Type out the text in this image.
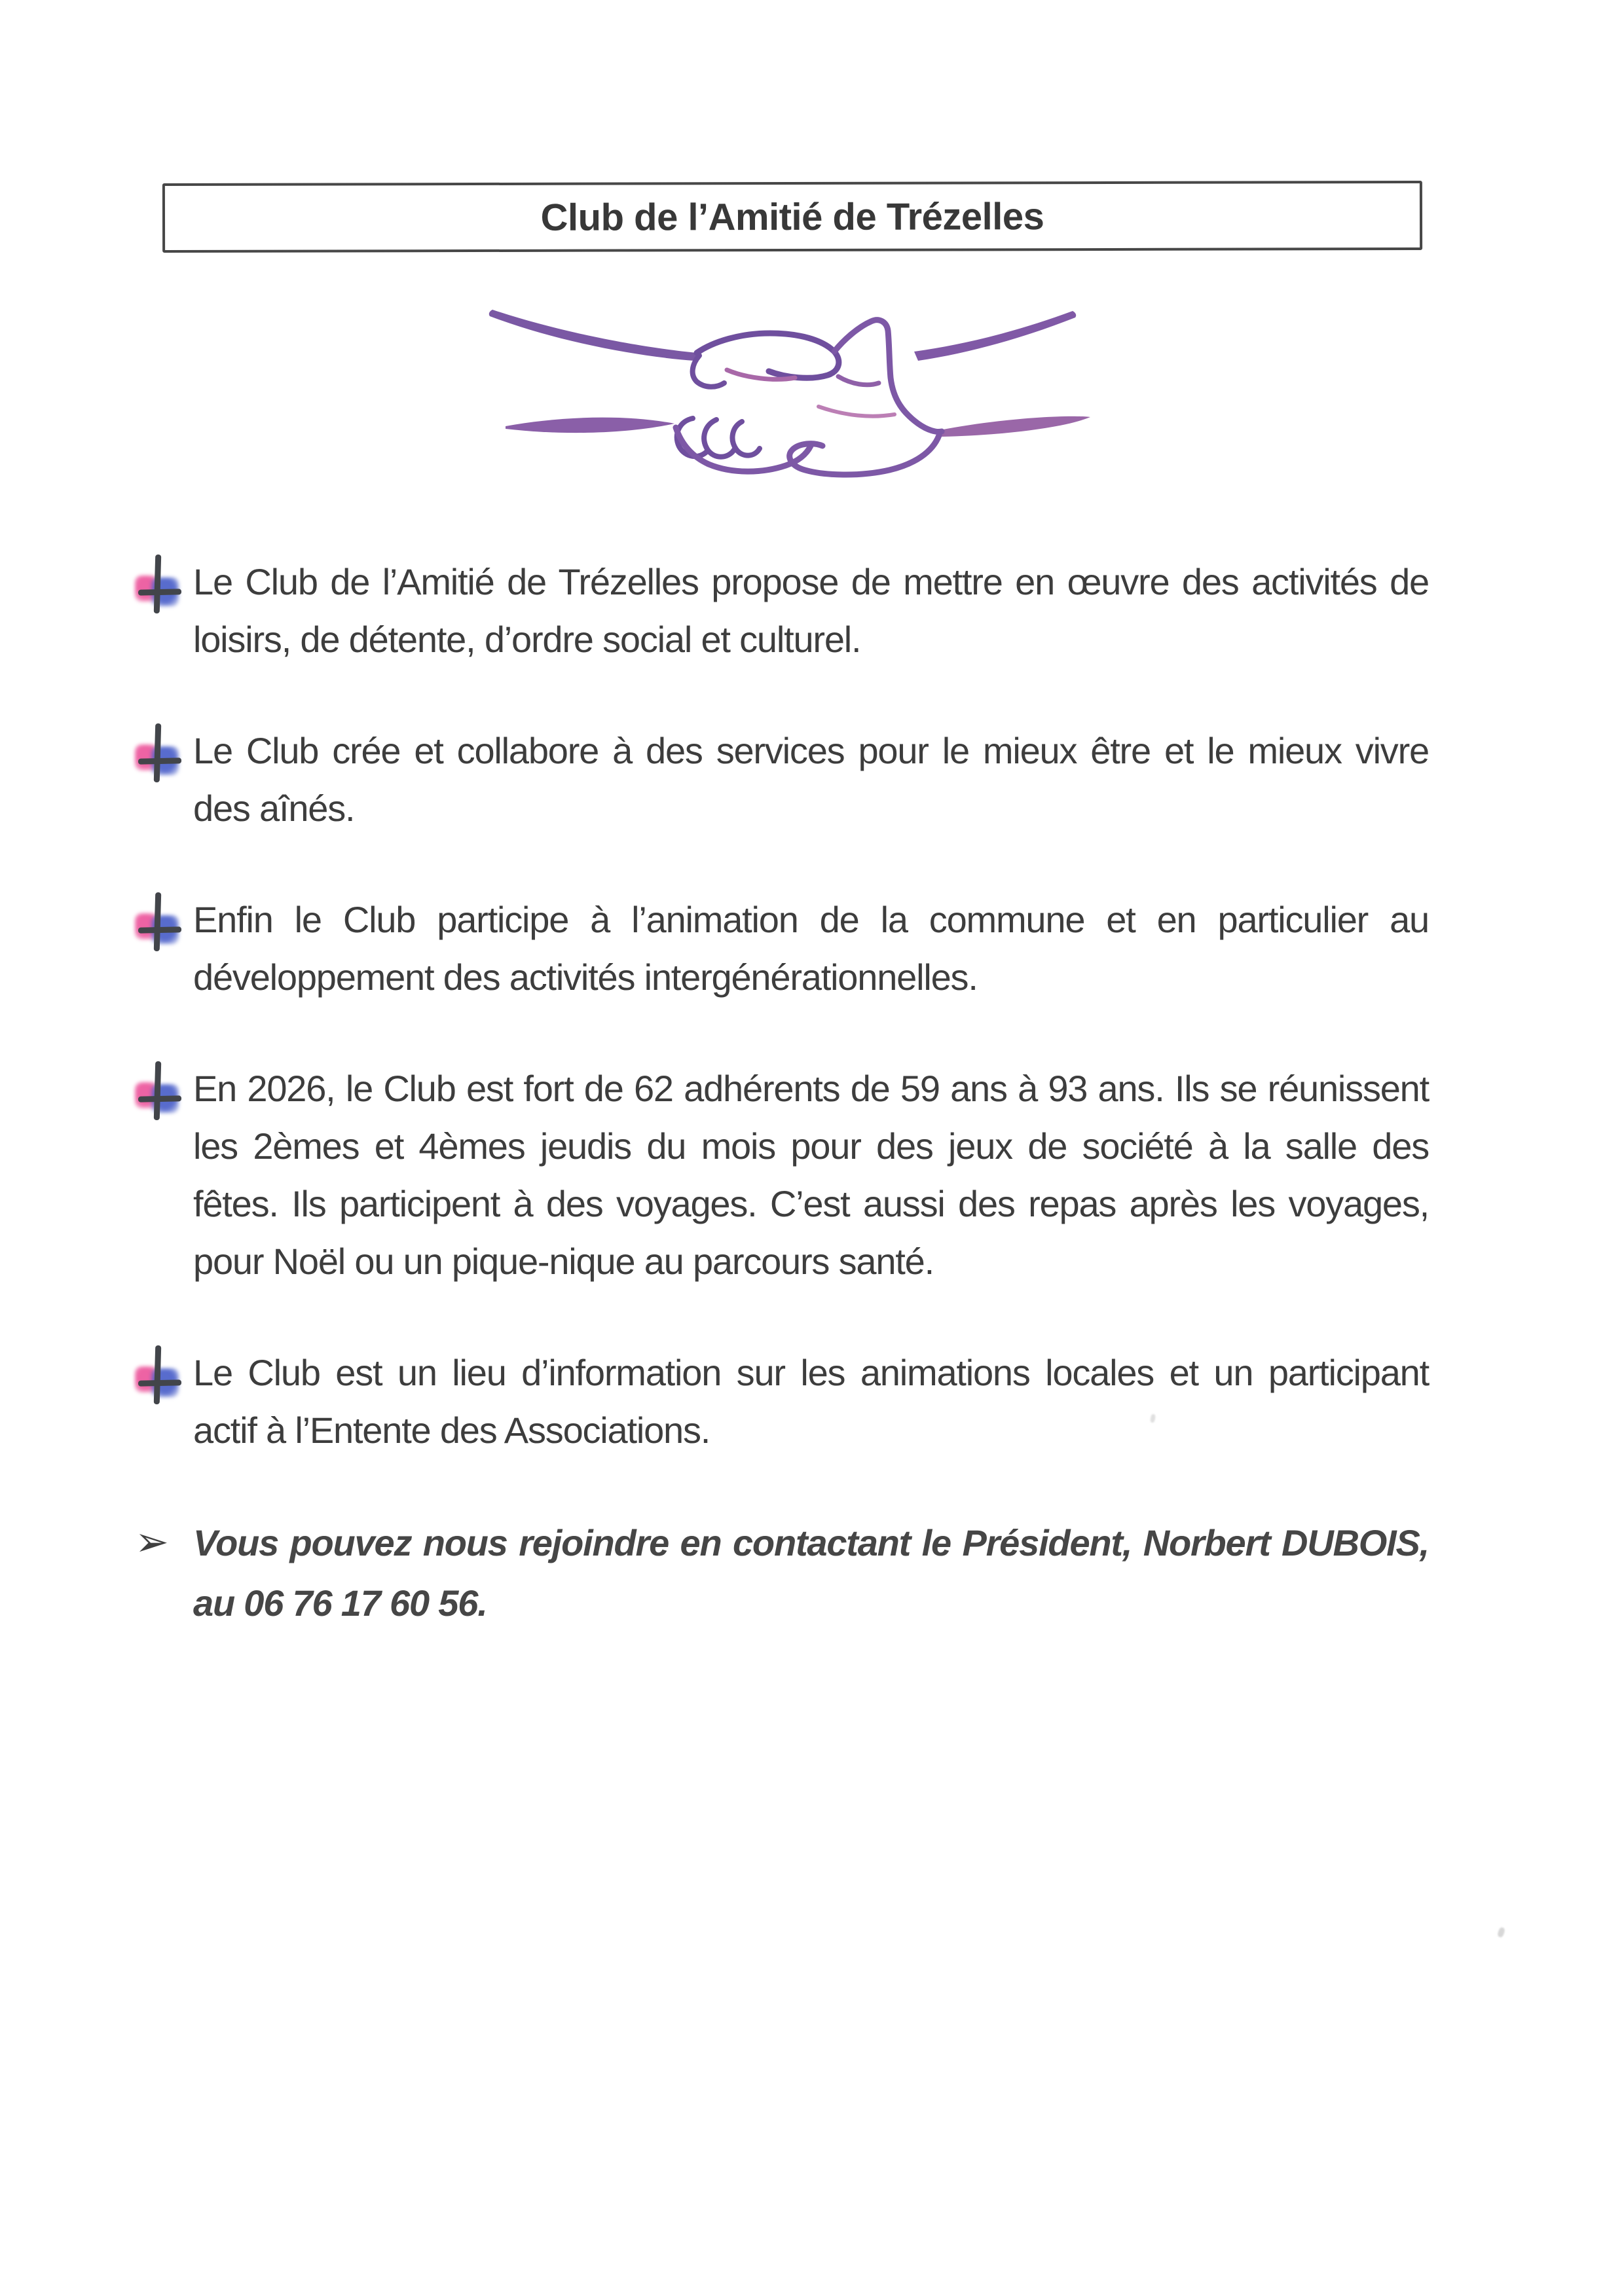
Club de l’Amitié de Trézelles

Le Club de l’Amitié de Trézelles propose de mettre en œuvre des activités de loisirs, de détente, d’ordre social et culturel.

Le Club crée et collabore à des services pour le mieux être et le mieux vivre des aînés.

Enfin le Club participe à l’animation de la commune et en particulier au développement des activités intergénérationnelles.

En 2026, le Club est fort de 62 adhérents de 59 ans à 93 ans. Ils se réunissent les 2èmes et 4èmes jeudis du mois pour des jeux de société à la salle des fêtes. Ils participent à des voyages. C’est aussi des repas après les voyages, pour Noël ou un pique-nique au parcours santé.

Le Club est un lieu d’information sur les animations locales et un participant actif à l’Entente des Associations.

➢ Vous pouvez nous rejoindre en contactant le Président, Norbert DUBOIS, au 06 76 17 60 56.
